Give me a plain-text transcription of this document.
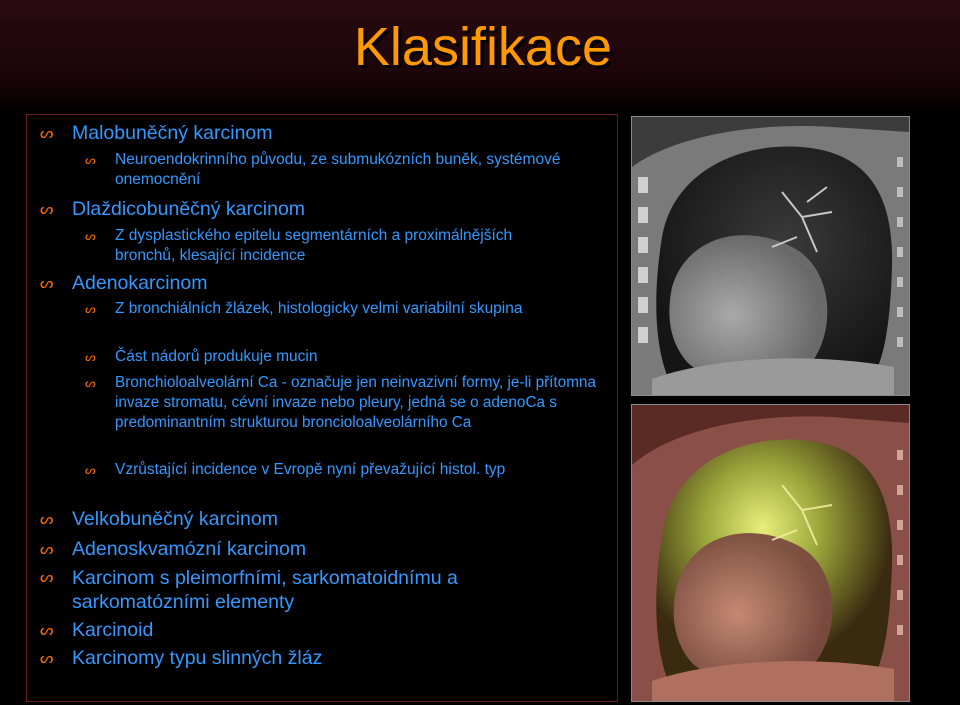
Klasifikace
ᔕ Malobuněčný karcinom
ᔕ Neuroendokrinního původu, ze submukózních buněk, systémové onemocnění
ᔕ Dlaždicobuněčný karcinom
ᔕ Z dysplastického epitelu segmentárních a proximálnějších bronchů, klesající incidence
ᔕ Adenokarcinom
ᔕ Z bronchiálních žlázek, histologicky velmi variabilní skupina
ᔕ Část nádorů produkuje mucin
ᔕ Bronchioloalveolární Ca - označuje jen neinvazivní formy, je-li přítomna invaze stromatu, cévní invaze nebo pleury, jedná se o adenoCa s predominantním strukturou broncioloalveolárního Ca
ᔕ Vzrůstající incidence v Evropě nyní převažující histol. typ
ᔕ Velkobuněčný karcinom
ᔕ Adenoskvamózní karcinom
ᔕ Karcinom s pleimorfními, sarkomatoidnímu a sarkomatózními elementy
ᔕ Karcinoid
ᔕ Karcinomy typu slinných žláz
